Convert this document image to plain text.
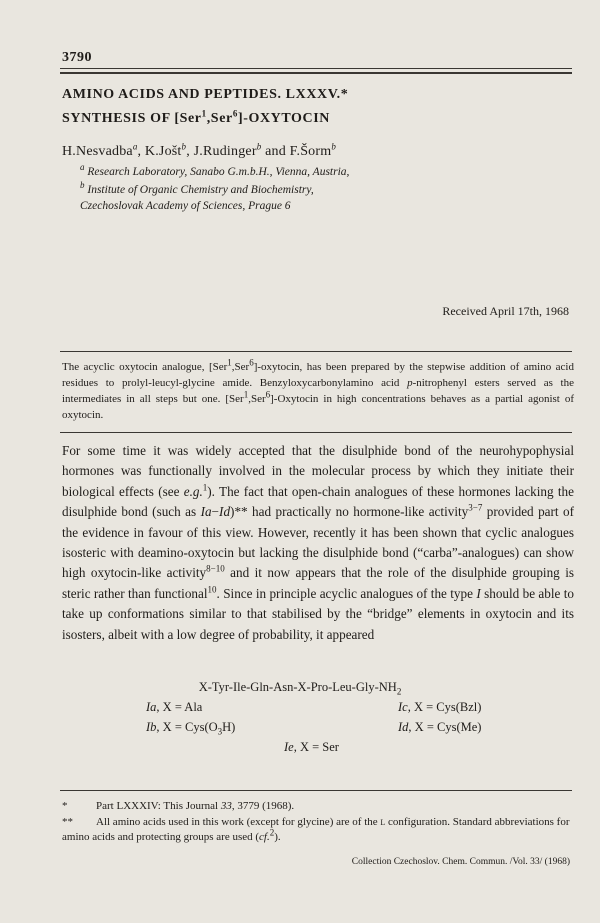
3790
AMINO ACIDS AND PEPTIDES. LXXXV.*
SYNTHESIS OF [Ser$^1$,Ser$^6$]-OXYTOCIN
H.Nesvadba$^a$, K.Jošt$^b$, J.Rudinger$^b$ and F.Šorm$^b$
$^a$ Research Laboratory, Sanabo G.m.b.H., Vienna, Austria,
$^b$ Institute of Organic Chemistry and Biochemistry,
Czechoslovak Academy of Sciences, Prague 6
Received April 17th, 1968
The acyclic oxytocin analogue, [Ser$^1$,Ser$^6$]-oxytocin, has been prepared by the stepwise addition of amino acid residues to prolyl-leucyl-glycine amide. Benzyloxycarbonylamino acid p-nitrophenyl esters served as the intermediates in all steps but one. [Ser$^1$,Ser$^6$]-Oxytocin in high concentrations behaves as a partial agonist of oxytocin.
For some time it was widely accepted that the disulphide bond of the neurohypophysial hormones was functionally involved in the molecular process by which they initiate their biological effects (see e.g.$^1$). The fact that open-chain analogues of these hormones lacking the disulphide bond (such as Ia−Id)** had practically no hormone-like activity$^{3-7}$ provided part of the evidence in favour of this view. However, recently it has been shown that cyclic analogues isosteric with deamino-oxytocin but lacking the disulphide bond (“carba”-analogues) can show high oxytocin-like activity$^{8-10}$ and it now appears that the role of the disulphide grouping is steric rather than functional$^{10}$. Since in principle acyclic analogues of the type I should be able to take up conformations similar to that stabilised by the “bridge” elements in oxytocin and its isosters, albeit with a low degree of probability, it appeared
$X-Tyr-Ile-Gln-Asn-X-Pro-Leu-Gly-NH_2$
Ia, X = Ala
Ib, $X = Cys(O_3H)$
Ic, X = Cys(Bzl)
Id, X = Cys(Me)
Ie, X = Ser
*	Part LXXXIV: This Journal 33, 3779 (1968).
** All amino acids used in this work (except for glycine) are of the l configuration. Standard abbreviations for amino acids and protecting groups are used (cf.$^2$).
Collection Czechoslov. Chem. Commun. /Vol. 33/ (1968)
